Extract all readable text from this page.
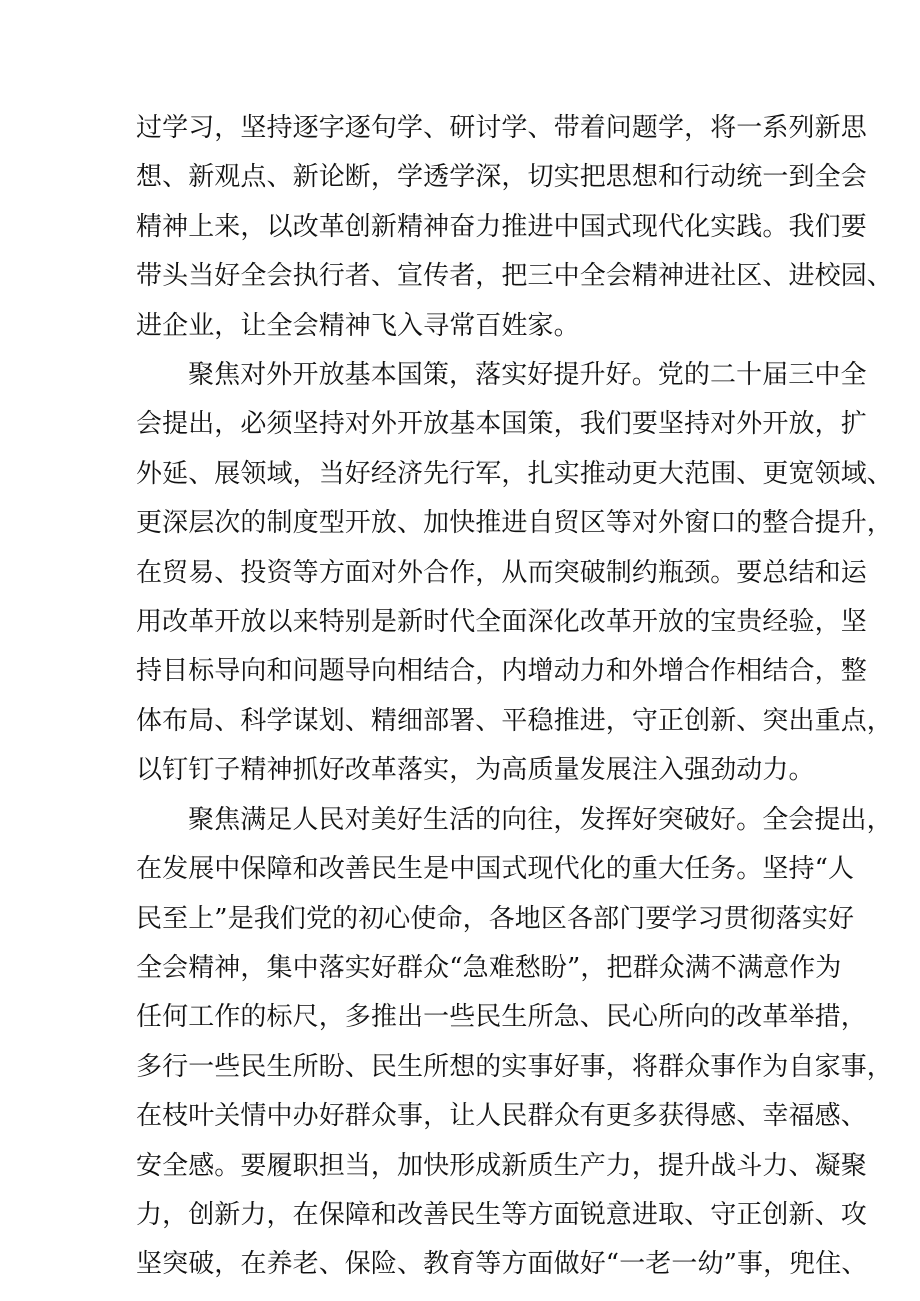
过学习，坚持逐字逐句学、研讨学、带着问题学，将一系列新思
想、新观点、新论断，学透学深，切实把思想和行动统一到全会
精神上来，以改革创新精神奋力推进中国式现代化实践。我们要
带头当好全会执行者、宣传者，把三中全会精神进社区、进校园、
进企业，让全会精神飞入寻常百姓家。

聚焦对外开放基本国策，落实好提升好。党的二十届三中全
会提出，必须坚持对外开放基本国策，我们要坚持对外开放，扩
外延、展领域，当好经济先行军，扎实推动更大范围、更宽领域、
更深层次的制度型开放、加快推进自贸区等对外窗口的整合提升，
在贸易、投资等方面对外合作，从而突破制约瓶颈。要总结和运
用改革开放以来特别是新时代全面深化改革开放的宝贵经验，坚
持目标导向和问题导向相结合，内增动力和外增合作相结合，整
体布局、科学谋划、精细部署、平稳推进，守正创新、突出重点，
以钉钉子精神抓好改革落实，为高质量发展注入强劲动力。

聚焦满足人民对美好生活的向往，发挥好突破好。全会提出，
在发展中保障和改善民生是中国式现代化的重大任务。坚持“人
民至上”是我们党的初心使命，各地区各部门要学习贯彻落实好
全会精神，集中落实好群众“急难愁盼”，把群众满不满意作为
任何工作的标尺，多推出一些民生所急、民心所向的改革举措，
多行一些民生所盼、民生所想的实事好事，将群众事作为自家事，
在枝叶关情中办好群众事，让人民群众有更多获得感、幸福感、
安全感。要履职担当，加快形成新质生产力，提升战斗力、凝聚
力，创新力，在保障和改善民生等方面锐意进取、守正创新、攻
坚突破，在养老、保险、教育等方面做好“一老一幼”事，兜住、
